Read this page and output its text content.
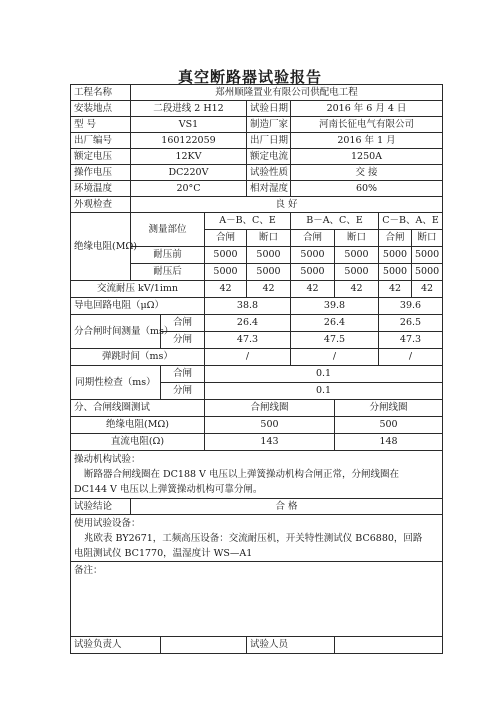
真空断路器试验报告
工程名称	郑州顺隆置业有限公司供配电工程							
安装地点	二段进线 2 H12			试验日期	2016 年 6 月 4 日			
型 号	VS1			制造厂家	河南长征电气有限公司			
出厂编号	160122059			出厂日期	2016 年 1 月			
额定电压	12KV			额定电流	1250A			
操作电压	DC220V			试验性质	交 接			
环境温度	20°C			相对湿度	60%			
外观检查	良 好							
绝缘电阻(MΩ)	测量部位		A－B、C、E		B－A、C、E		C－B、A、E	
			合闸	断口	合闸	断口	合闸	断口
	耐压前		5000	5000	5000	5000	5000	5000
	耐压后		5000	5000	5000	5000	5000	5000
交流耐压 kV/1imn			42	42	42	42	42	42
导电回路电阻（μΩ）			38.8		39.8		39.6	
分合闸时间测量（ms）		合闸	26.4		26.4		26.5	
		分闸	47.3		47.5		47.3	
弹跳时间（ms）			/		/		/	
同期性检查（ms）		合闸	0.1					
		分闸	0.1					
分、合闸线圈测试			合闸线圈			分闸线圈		
绝缘电阻(MΩ)			500			500		
直流电阻(Ω)			143			148		
操动机构试验：

断路器合闸线圈在 DC188 V 电压以上弹簧操动机构合闸正常，分闸线圈在
DC144 V 电压以上弹簧操动机构可靠分闸。								
试验结论	合 格							
使用试验设备：

兆欧表 BY2671，工频高压设备：交流耐压机，开关特性测试仪 BC6880，回路
电阻测试仪 BC1770，温湿度计 WS—A1								
备注：								
试验负责人				试验人员				
